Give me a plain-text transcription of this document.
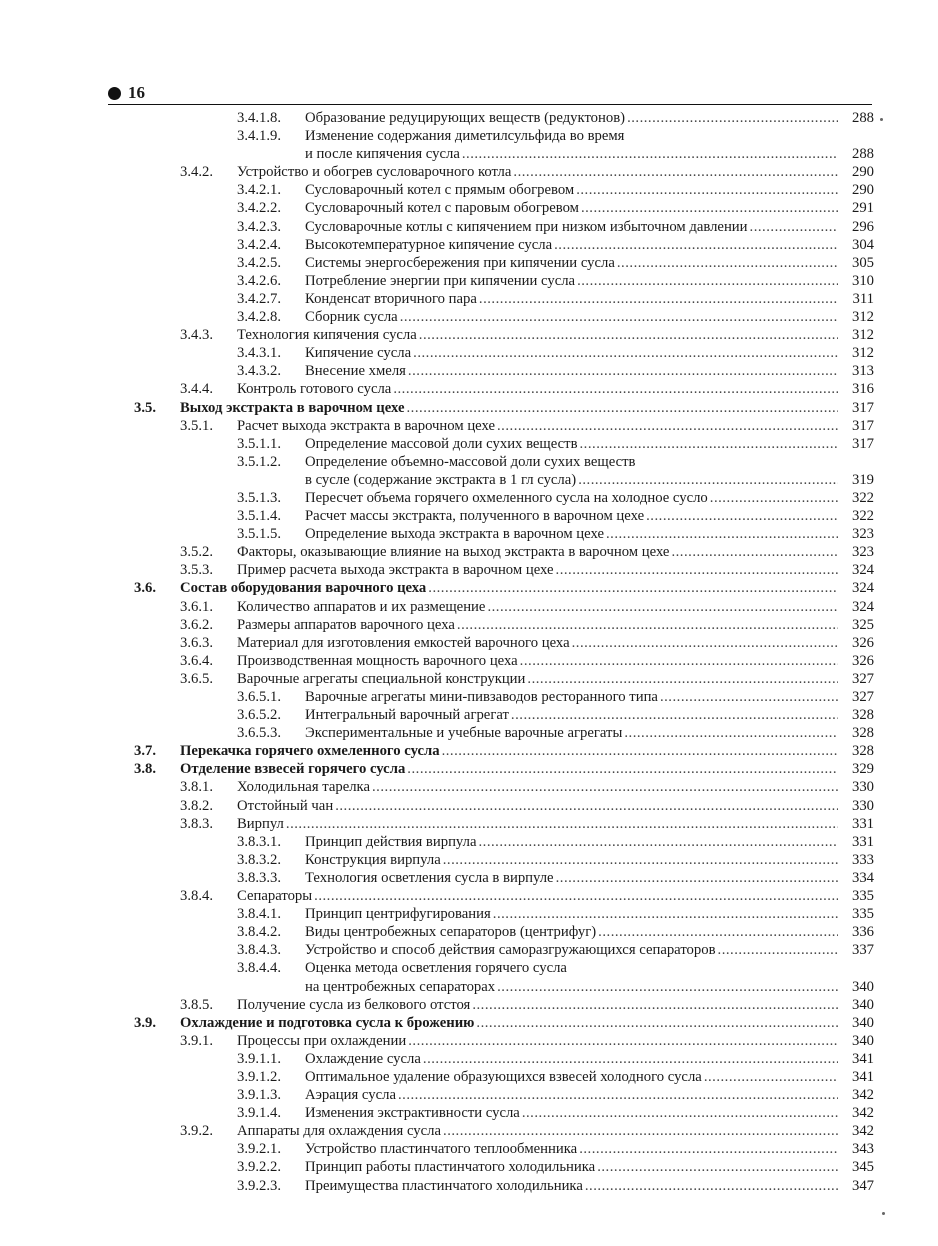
16
3.4.1.8. Образование редуцирующих веществ (редуктонов) .....	288
3.4.1.9. Изменение содержания диметилсульфида во время
и после кипячения сусла .....	288
3.4.2. Устройство и обогрев сусловарочного котла .....	290
3.4.2.1. Сусловарочный котел с прямым обогревом .....	290
3.4.2.2. Сусловарочный котел с паровым обогревом .....	291
3.4.2.3. Сусловарочные котлы с кипячением при низком избыточном давлении .....	296
3.4.2.4. Высокотемпературное кипячение сусла .....	304
3.4.2.5. Системы энергосбережения при кипячении сусла .....	305
3.4.2.6. Потребление энергии при кипячении сусла .....	310
3.4.2.7. Конденсат вторичного пара .....	311
3.4.2.8. Сборник сусла .....	312
3.4.3. Технология кипячения сусла .....	312
3.4.3.1. Кипячение сусла .....	312
3.4.3.2. Внесение хмеля .....	313
3.4.4. Контроль готового сусла .....	316
3.5. Выход экстракта в варочном цехе .....	317
3.5.1. Расчет выхода экстракта в варочном цехе .....	317
3.5.1.1. Определение массовой доли сухих веществ .....	317
3.5.1.2. Определение объемно-массовой доли сухих веществ
в сусле (содержание экстракта в 1 гл сусла) .....	319
3.5.1.3. Пересчет объема горячего охмеленного сусла на холодное сусло .....	322
3.5.1.4. Расчет массы экстракта, полученного в варочном цехе .....	322
3.5.1.5. Определение выхода экстракта в варочном цехе .....	323
3.5.2. Факторы, оказывающие влияние на выход экстракта в варочном цехе .....	323
3.5.3. Пример расчета выхода экстракта в варочном цехе .....	324
3.6. Состав оборудования варочного цеха .....	324
3.6.1. Количество аппаратов и их размещение .....	324
3.6.2. Размеры аппаратов варочного цеха .....	325
3.6.3. Материал для изготовления емкостей варочного цеха .....	326
3.6.4. Производственная мощность варочного цеха .....	326
3.6.5. Варочные агрегаты специальной конструкции .....	327
3.6.5.1. Варочные агрегаты мини-пивзаводов ресторанного типа .....	327
3.6.5.2. Интегральный варочный агрегат .....	328
3.6.5.3. Экспериментальные и учебные варочные агрегаты .....	328
3.7. Перекачка горячего охмеленного сусла .....	328
3.8. Отделение взвесей горячего сусла .....	329
3.8.1. Холодильная тарелка .....	330
3.8.2. Отстойный чан .....	330
3.8.3. Вирпул .....	331
3.8.3.1. Принцип действия вирпула .....	331
3.8.3.2. Конструкция вирпула .....	333
3.8.3.3. Технология осветления сусла в вирпуле .....	334
3.8.4. Сепараторы .....	335
3.8.4.1. Принцип центрифугирования .....	335
3.8.4.2. Виды центробежных сепараторов (центрифуг) .....	336
3.8.4.3. Устройство и способ действия саморазгружающихся сепараторов .....	337
3.8.4.4. Оценка метода осветления горячего сусла
на центробежных сепараторах .....	340
3.8.5. Получение сусла из белкового отстоя .....	340
3.9. Охлаждение и подготовка сусла к брожению .....	340
3.9.1. Процессы при охлаждении .....	340
3.9.1.1. Охлаждение сусла .....	341
3.9.1.2. Оптимальное удаление образующихся взвесей холодного сусла .....	341
3.9.1.3. Аэрация сусла .....	342
3.9.1.4. Изменения экстрактивности сусла .....	342
3.9.2. Аппараты для охлаждения сусла .....	342
3.9.2.1. Устройство пластинчатого теплообменника .....	343
3.9.2.2. Принцип работы пластинчатого холодильника .....	345
3.9.2.3. Преимущества пластинчатого холодильника .....	347
